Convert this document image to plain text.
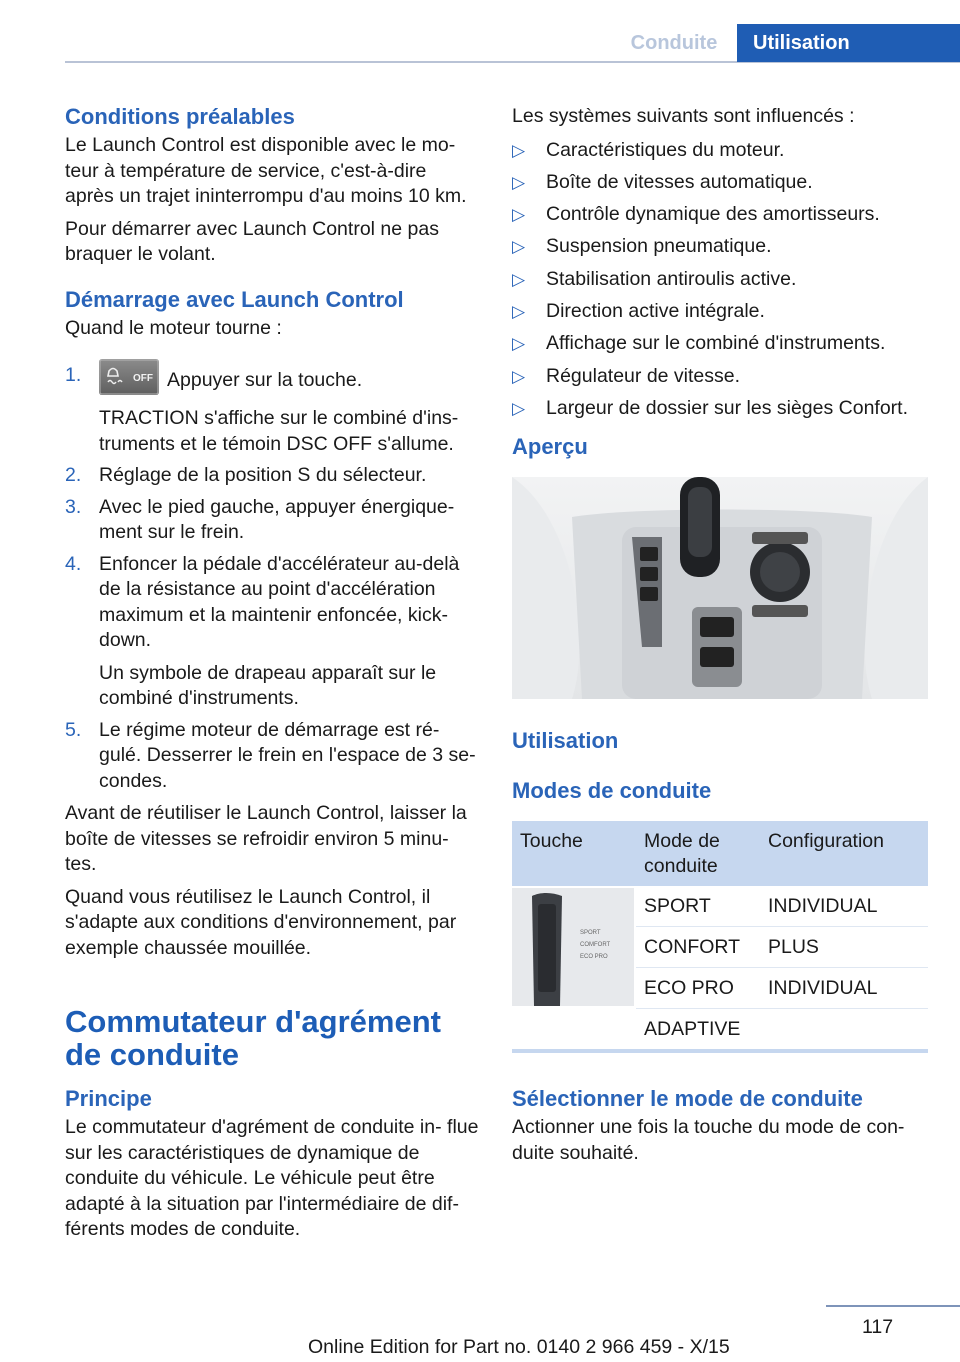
Conduite	Utilisation
Conditions préalables

Le Launch Control est disponible avec le mo‐ teur à température de service, c'est-à-dire après un trajet ininterrompu d'au moins 10 km.

Pour démarrer avec Launch Control ne pas braquer le volant.

Démarrage avec Launch Control

Quand le moteur tourne :

1.	OFF Appuyer sur la touche.
TRACTION s'affiche sur le combiné d'ins‐ truments et le témoin DSC OFF s'allume.
2. Réglage de la position S du sélecteur.
3. Avec le pied gauche, appuyer énergique‐ ment sur le frein.
4. Enfoncer la pédale d'accélérateur au-delà de la résistance au point d'accélération maximum et la maintenir enfoncée, kick‐ down.
Un symbole de drapeau apparaît sur le combiné d'instruments.
5. Le régime moteur de démarrage est ré‐ gulé. Desserrer le frein en l'espace de 3 se‐ condes.

Avant de réutiliser le Launch Control, laisser la boîte de vitesses se refroidir environ 5 minu‐ tes.

Quand vous réutilisez le Launch Control, il s'adapte aux conditions d'environnement, par exemple chaussée mouillée.

Commutateur d'agrément de conduite
Principe

Le commutateur d'agrément de conduite in‐ flue sur les caractéristiques de dynamique de conduite du véhicule. Le véhicule peut être adapté à la situation par l'intermédiaire de dif‐ férents modes de conduite.

Les systèmes suivants sont influencés :

▷ Caractéristiques du moteur.
▷ Boîte de vitesses automatique.
▷ Contrôle dynamique des amortisseurs.
▷ Suspension pneumatique.
▷ Stabilisation antiroulis active.
▷ Direction active intégrale.
▷ Affichage sur le combiné d'instruments.
▷ Régulateur de vitesse.
▷ Largeur de dossier sur les sièges Confort.
Aperçu
Utilisation
Modes de conduite
Touche	Mode de conduite	Configuration

SPORT
COMFORT
ECO PRO	SPORT	INDIVIDUAL
	CONFORT	PLUS
	ECO PRO	INDIVIDUAL
	ADAPTIVE	

Sélectionner le mode de conduite

Actionner une fois la touche du mode de con‐ duite souhaité.

117
Online Edition for Part no. 0140 2 966 459 - X/15
